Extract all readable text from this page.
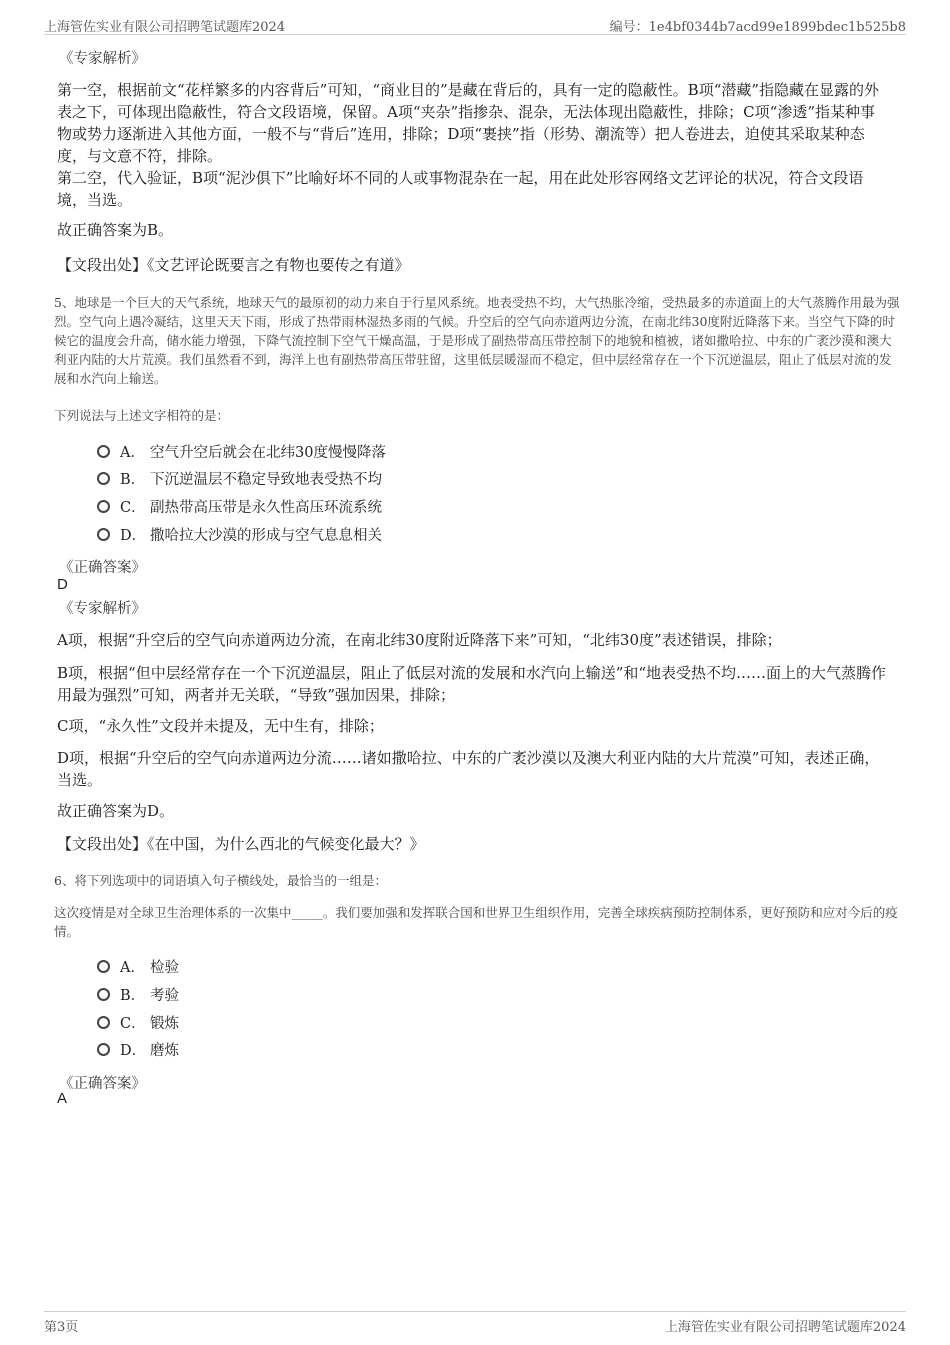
上海管佐实业有限公司招聘笔试题库2024	编号：1e4bf0344b7acd99e1899bdec1b525b8
《专家解析》
第一空，根据前文“花样繁多的内容背后”可知，“商业目的”是藏在背后的，具有一定的隐蔽性。B项“潜藏”指隐藏在显露的外表之下，可体现出隐蔽性，符合文段语境，保留。A项“夹杂”指掺杂、混杂，无法体现出隐蔽性，排除；C项“渗透”指某种事物或势力逐渐进入其他方面，一般不与“背后”连用，排除；D项“裹挟”指（形势、潮流等）把人卷进去，迫使其采取某种态度，与文意不符，排除。
第二空，代入验证，B项“泥沙俱下”比喻好坏不同的人或事物混杂在一起，用在此处形容网络文艺评论的状况，符合文段语境，当选。
故正确答案为B。
【文段出处】《文艺评论既要言之有物也要传之有道》
5、地球是一个巨大的天气系统，地球天气的最原初的动力来自于行星风系统。地表受热不均，大气热胀冷缩，受热最多的赤道面上的大气蒸腾作用最为强烈。空气向上遇冷凝结，这里天天下雨，形成了热带雨林湿热多雨的气候。升空后的空气向赤道两边分流，在南北纬30度附近降落下来。当空气下降的时候它的温度会升高，储水能力增强，下降气流控制下空气干燥高温，于是形成了副热带高压带控制下的地貌和植被，诸如撒哈拉、中东的广袤沙漠和澳大利亚内陆的大片荒漠。我们虽然看不到，海洋上也有副热带高压带驻留，这里低层暖湿而不稳定，但中层经常存在一个下沉逆温层，阻止了低层对流的发展和水汽向上输送。
下列说法与上述文字相符的是：
A． 空气升空后就会在北纬30度慢慢降落
B． 下沉逆温层不稳定导致地表受热不均
C． 副热带高压带是永久性高压环流系统
D． 撒哈拉大沙漠的形成与空气息息相关
《正确答案》
D
《专家解析》
A项，根据“升空后的空气向赤道两边分流，在南北纬30度附近降落下来”可知，“北纬30度”表述错误，排除；
B项，根据“但中层经常存在一个下沉逆温层，阻止了低层对流的发展和水汽向上输送”和“地表受热不均……面上的大气蒸腾作用最为强烈”可知，两者并无关联，“导致”强加因果，排除；
C项，“永久性”文段并未提及，无中生有，排除；
D项，根据“升空后的空气向赤道两边分流……诸如撒哈拉、中东的广袤沙漠以及澳大利亚内陆的大片荒漠”可知，表述正确，当选。
故正确答案为D。
【文段出处】《在中国，为什么西北的气候变化最大？》
6、将下列选项中的词语填入句子横线处，最恰当的一组是：
这次疫情是对全球卫生治理体系的一次集中_____。我们要加强和发挥联合国和世界卫生组织作用，完善全球疾病预防控制体系，更好预防和应对今后的疫情。
A． 检验
B． 考验
C． 锻炼
D． 磨炼
《正确答案》
A
第3页	上海管佐实业有限公司招聘笔试题库2024
